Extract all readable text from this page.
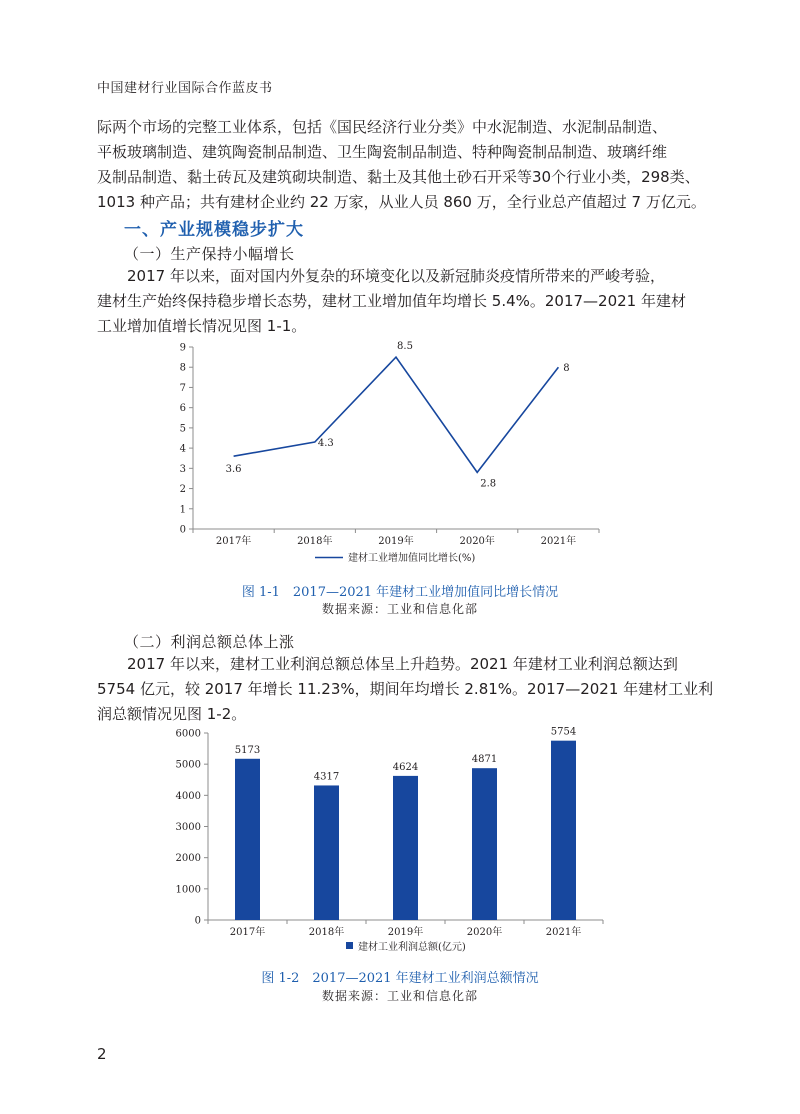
中国建材行业国际合作蓝皮书

际两个市场的完整工业体系，包括《国民经济行业分类》中水泥制造、水泥制品制造、
平板玻璃制造、建筑陶瓷制品制造、卫生陶瓷制品制造、特种陶瓷制品制造、玻璃纤维
及制品制造、黏土砖瓦及建筑砌块制造、黏土及其他土砂石开采等30个行业小类，298类、
1013 种产品；共有建材企业约 22 万家，从业人员 860 万，全行业总产值超过 7 万亿元。

一、产业规模稳步扩大
（一）生产保持小幅增长

2017 年以来，面对国内外复杂的环境变化以及新冠肺炎疫情所带来的严峻考验，
建材生产始终保持稳步增长态势，建材工业增加值年均增长 5.4%。2017—2021 年建材
工业增加值增长情况见图 1-1。

0
1
2
3
4
5
6
7
8
9
2017年	2018年	2019年	2020年	2021年
3.6
4.3
8.5
2.8
8
建材工业增加值同比增长(%)
图 1-1　2017—2021 年建材工业增加值同比增长情况
数据来源：工业和信息化部
（二）利润总额总体上涨

2017 年以来，建材工业利润总额总体呈上升趋势。2021 年建材工业利润总额达到
5754 亿元，较 2017 年增长 11.23%，期间年均增长 2.81%。2017—2021 年建材工业利
润总额情况见图 1-2。

0
1000
2000
3000
4000
5000
6000
2017年	2018年	2019年	2020年	2021年
5173
4317
4624
4871
5754
建材工业利润总额(亿元)
图 1-2　2017—2021 年建材工业利润总额情况
数据来源：工业和信息化部
2
